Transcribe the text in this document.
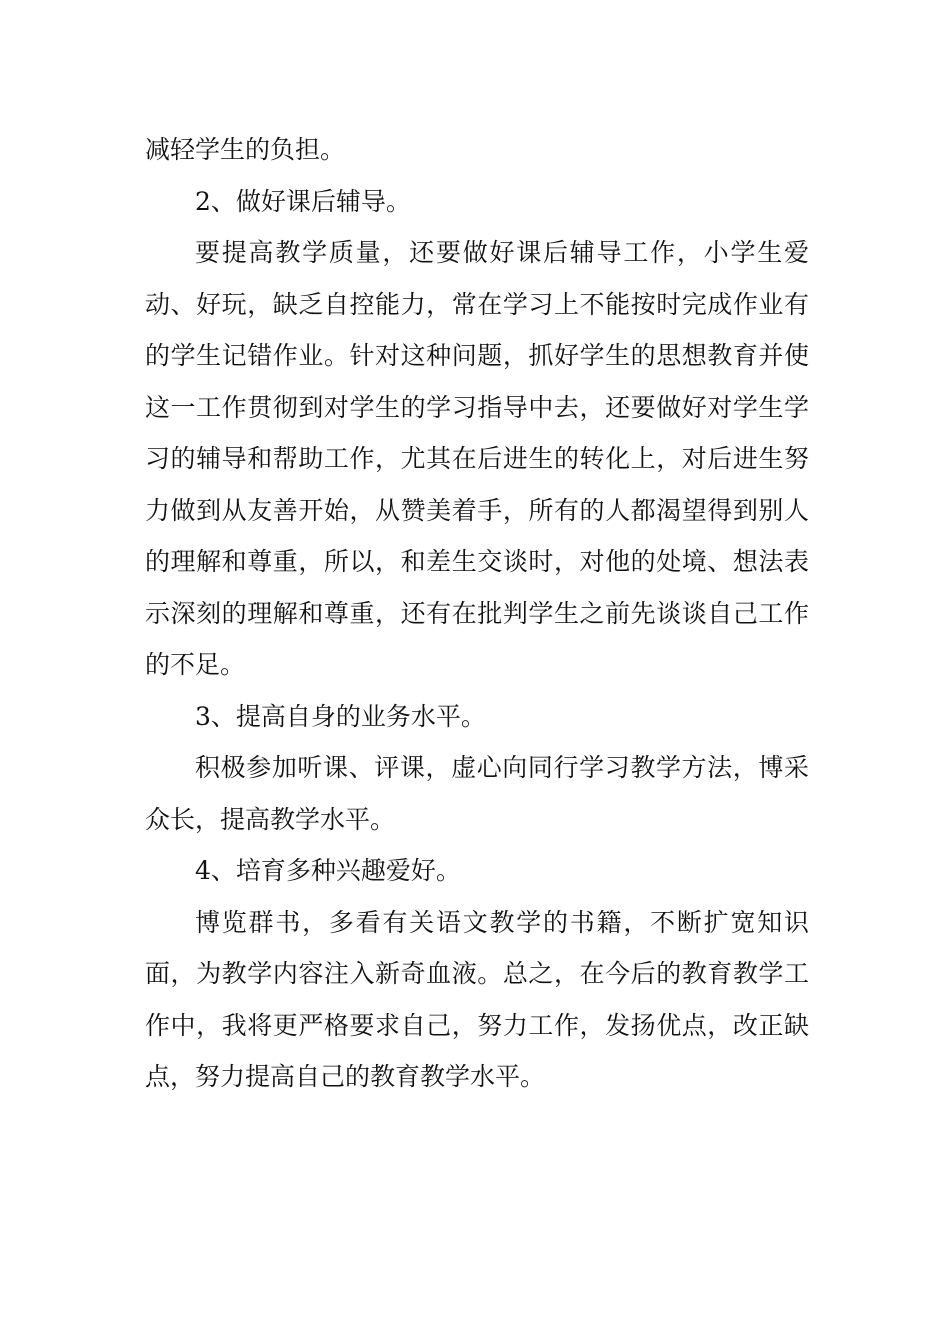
减轻学生的负担。

2、做好课后辅导。

要提高教学质量，还要做好课后辅导工作，小学生爱动、好玩，缺乏自控能力，常在学习上不能按时完成作业有的学生记错作业。针对这种问题，抓好学生的思想教育并使这一工作贯彻到对学生的学习指导中去，还要做好对学生学习的辅导和帮助工作，尤其在后进生的转化上，对后进生努力做到从友善开始，从赞美着手，所有的人都渴望得到别人的理解和尊重，所以，和差生交谈时，对他的处境、想法表示深刻的理解和尊重，还有在批判学生之前先谈谈自己工作的不足。

3、提高自身的业务水平。

积极参加听课、评课，虚心向同行学习教学方法，博采众长，提高教学水平。

4、培育多种兴趣爱好。

博览群书，多看有关语文教学的书籍，不断扩宽知识面，为教学内容注入新奇血液。总之，在今后的教育教学工作中，我将更严格要求自己，努力工作，发扬优点，改正缺点，努力提高自己的教育教学水平。
